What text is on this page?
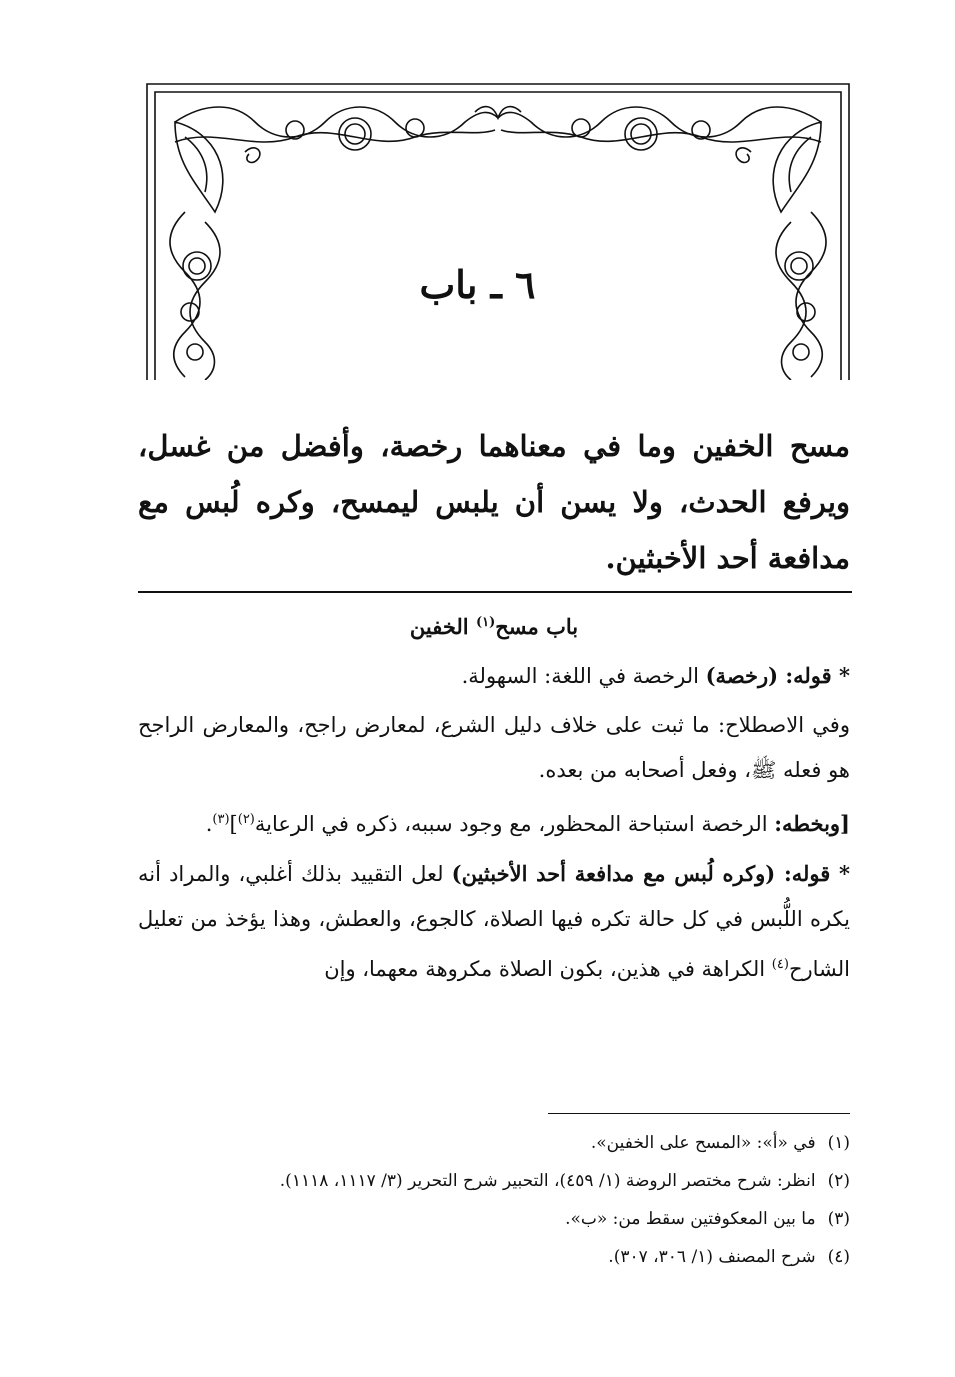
٦ ـ باب
مسح الخفين وما في معناهما رخصة، وأفضل من غسل، ويرفع الحدث، ولا يسن أن يلبس ليمسح، وكره لُبس مع مدافعة أحد الأخبثين.

باب مسح$^{(١)}$ الخفين

* قوله: (رخصة) الرخصة في اللغة: السهولة.

وفي الاصطلاح: ما ثبت على خلاف دليل الشرع، لمعارض راجح، والمعارض الراجح هو فعله ﷺ، وفعل أصحابه من بعده.

[وبخطه: الرخصة استباحة المحظور، مع وجود سببه، ذكره في الرعاية$^{(٢)}$]$^{(٣)}$.

* قوله: (وكره لُبس مع مدافعة أحد الأخبثين) لعل التقييد بذلك أغلبي، والمراد أنه يكره اللُّبس في كل حالة تكره فيها الصلاة، كالجوع، والعطش، وهذا يؤخذ من تعليل الشارح$^{(٤)}$ الكراهة في هذين، بكون الصلاة مكروهة معهما، وإن

(١)في «أ»: «المسح على الخفين».
(٢)انظر: شرح مختصر الروضة (١/ ٤٥٩)، التحبير شرح التحرير (٣/ ١١١٧، ١١١٨).
(٣)ما بين المعكوفتين سقط من: «ب».
(٤)شرح المصنف (١/ ٣٠٦، ٣٠٧).
